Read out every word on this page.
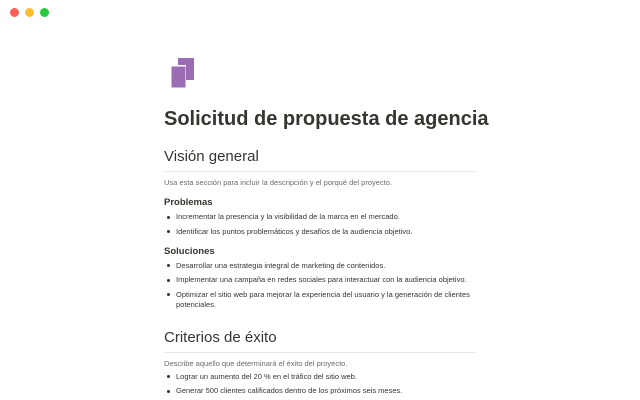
Solicitud de propuesta de agencia
Visión general

Usa esta sección para incluir la descripción y el porqué del proyecto.

Problemas
Incrementar la presencia y la visibilidad de la marca en el mercado.
Identificar los puntos problemáticos y desafíos de la audiencia objetivo.
Soluciones
Desarrollar una estrategia integral de marketing de contenidos.
Implementar una campaña en redes sociales para interactuar con la audiencia objetivo.
Optimizar el sitio web para mejorar la experiencia del usuario y la generación de clientes potenciales.
Criterios de éxito

Describe aquello que determinará el éxito del proyecto.

Lograr un aumento del 20 % en el tráfico del sitio web.
Generar 500 clientes calificados dentro de los próximos seis meses.
